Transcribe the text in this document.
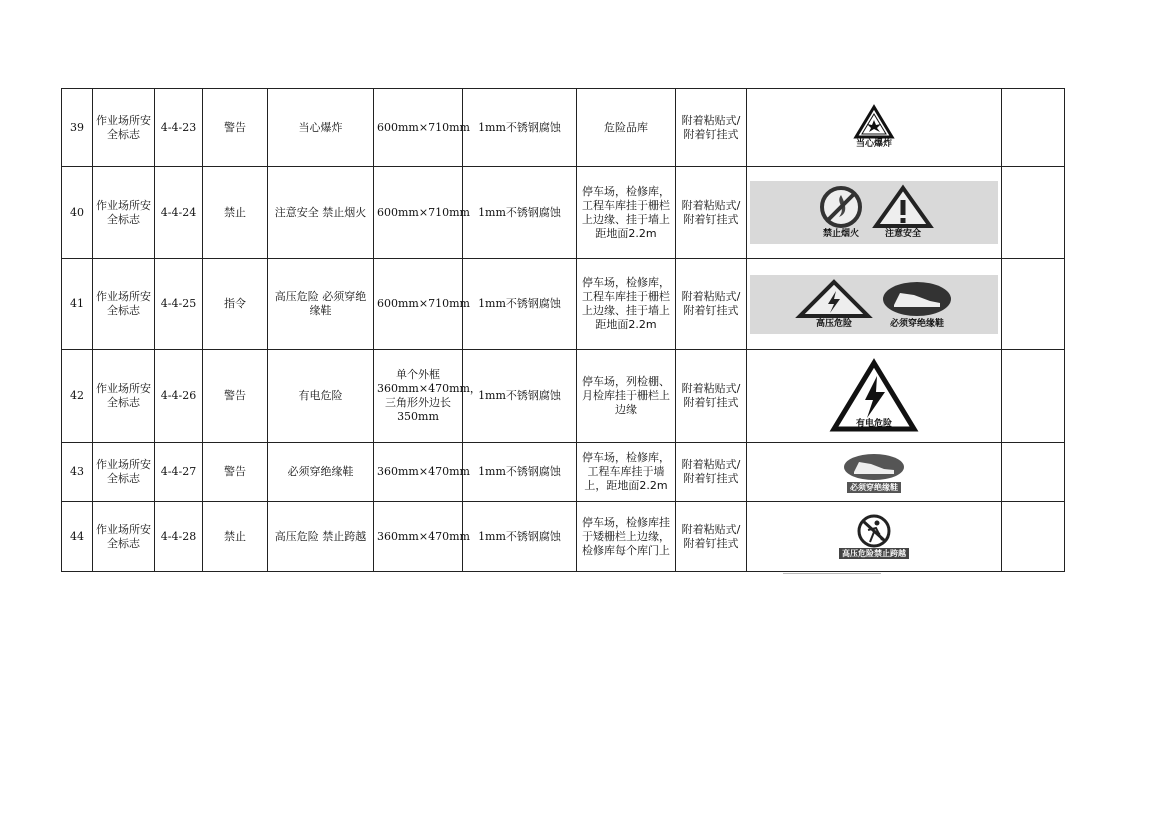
39	作业场所安全标志	4-4-23	警告	当心爆炸	600mm×710mm	1mm不锈钢腐蚀	危险品库	附着粘贴式/附着钉挂式	当心爆炸	

40	作业场所安全标志	4-4-24	禁止	注意安全 禁止烟火	600mm×710mm	1mm不锈钢腐蚀	停车场，检修库，工程车库挂于栅栏上边缘、挂于墙上距地面2.2m	附着粘贴式/附着钉挂式	禁止烟火 注意安全	

41	作业场所安全标志	4-4-25	指令	高压危险 必须穿绝缘鞋	600mm×710mm	1mm不锈钢腐蚀	停车场，检修库，工程车库挂于栅栏上边缘、挂于墙上距地面2.2m	附着粘贴式/附着钉挂式	高压危险 必须穿绝缘鞋	

42	作业场所安全标志	4-4-26	警告	有电危险	单个外框360mm×470mm，三角形外边长350mm	1mm不锈钢腐蚀	停车场，列检棚、月检库挂于栅栏上边缘	附着粘贴式/附着钉挂式	有电危险	

43	作业场所安全标志	4-4-27	警告	必须穿绝缘鞋	360mm×470mm	1mm不锈钢腐蚀	停车场，检修库，工程车库挂于墙上，距地面2.2m	附着粘贴式/附着钉挂式	必须穿绝缘鞋	

44	作业场所安全标志	4-4-28	禁止	高压危险 禁止跨越	360mm×470mm	1mm不锈钢腐蚀	停车场，检修库挂于矮栅栏上边缘，检修库每个库门上	附着粘贴式/附着钉挂式	高压危险禁止跨越	
